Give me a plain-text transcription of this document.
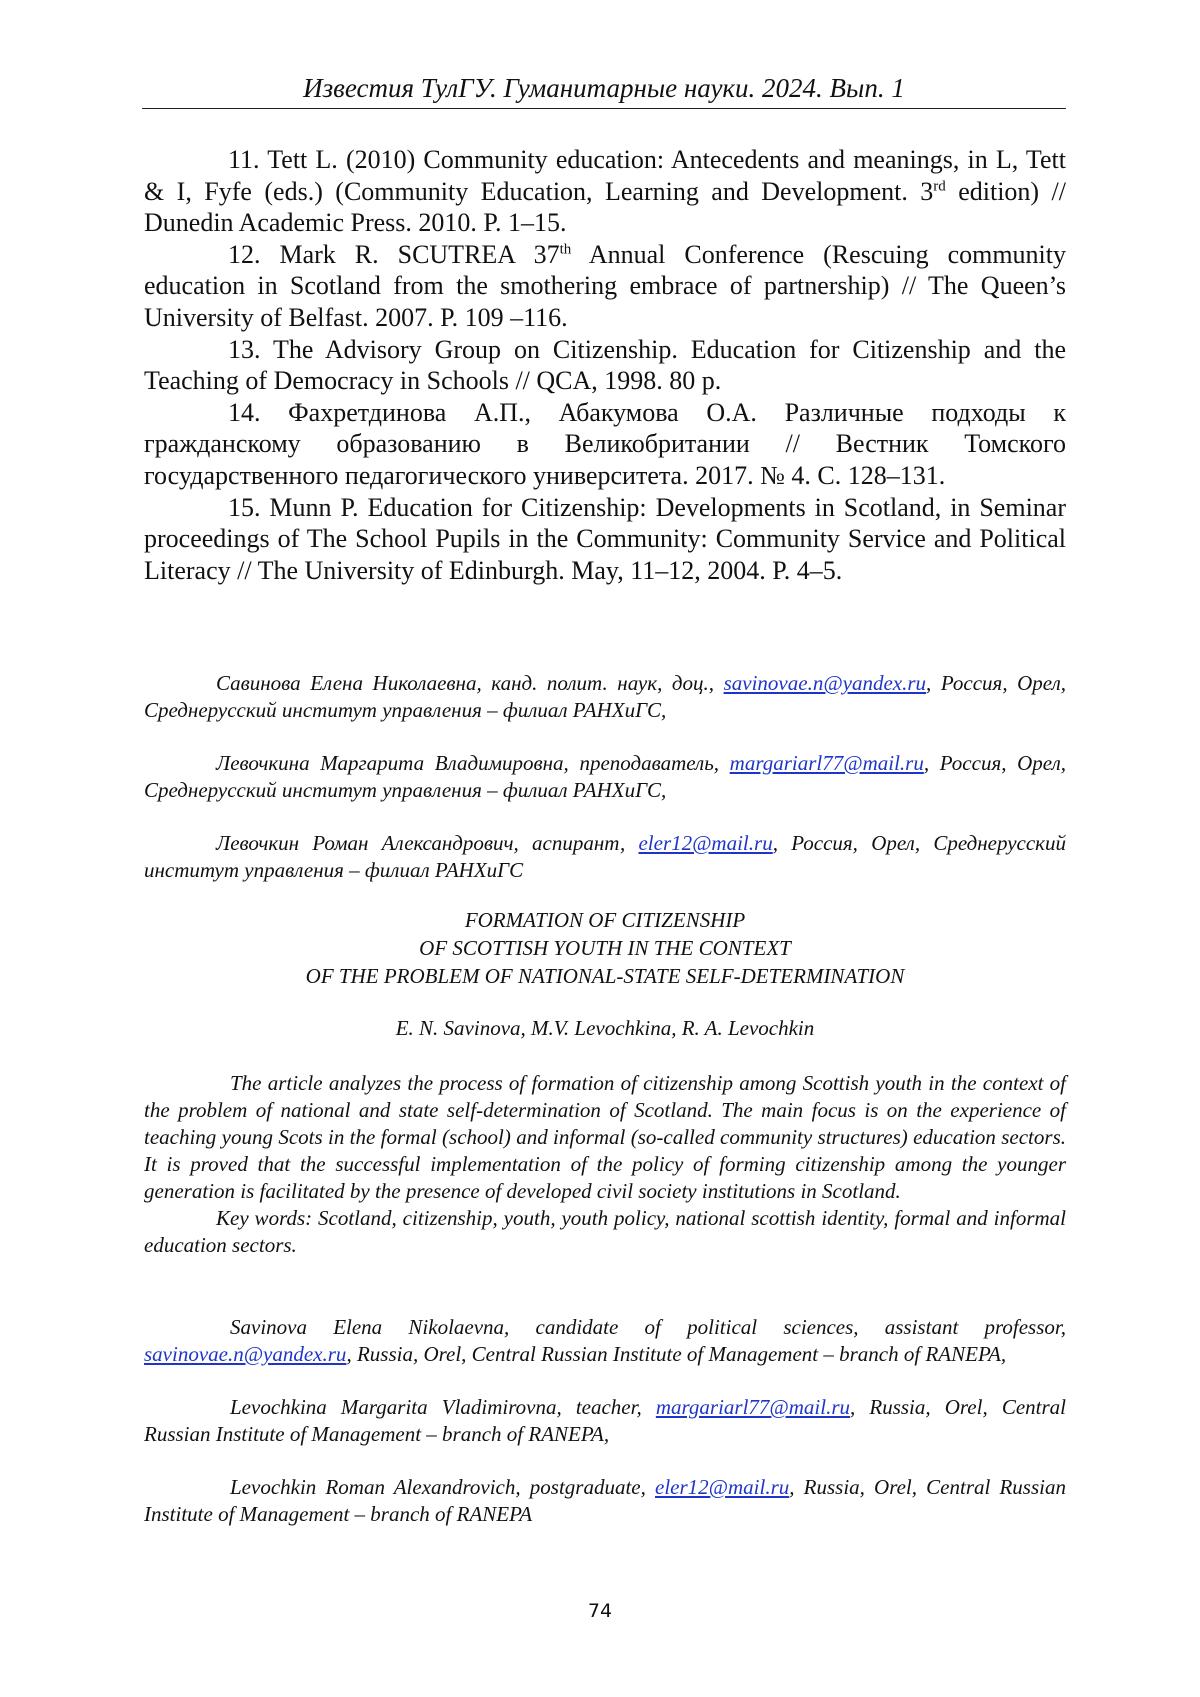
Известия ТулГУ. Гуманитарные науки. 2024. Вып. 1

11. Tett L. (2010) Community education: Antecedents and meanings, in L, Tett & I, Fyfe (eds.) (Community Education, Learning and Development. 3rd edition) // Dunedin Academic Press. 2010. P. 1–15.

12. Mark R. SCUTREA 37th Annual Conference (Rescuing community education in Scotland from the smothering embrace of partnership) // The Queen’s University of Belfast. 2007. P. 109 –116.

13. The Advisory Group on Citizenship. Education for Citizenship and the Teaching of Democracy in Schools // QCA, 1998. 80 p.

14. Фахретдинова А.П., Абакумова О.А. Различные подходы к гражданскому образованию в Великобритании // Вестник Томского государственного педагогического университета. 2017. № 4. С. 128–131.

15. Munn P. Education for Citizenship: Developments in Scotland, in Seminar proceedings of The School Pupils in the Community: Community Service and Political Literacy // The University of Edinburgh. May, 11–12, 2004. P. 4–5.

Савинова Елена Николаевна, канд. полит. наук, доц., savinovae.n@yandex.ru, Россия, Орел, Среднерусский институт управления – филиал РАНХиГС,

Левочкина Маргарита Владимировна, преподаватель, margariarl77@mail.ru, Россия, Орел, Среднерусский институт управления – филиал РАНХиГС,

Левочкин Роман Александрович, аспирант, eler12@mail.ru, Россия, Орел, Среднерусский институт управления – филиал РАНХиГС

FORMATION OF CITIZENSHIP
OF SCOTTISH YOUTH IN THE CONTEXT
OF THE PROBLEM OF NATIONAL-STATE SELF-DETERMINATION
E. N. Savinova, M.V. Levochkina, R. A. Levochkin

The article analyzes the process of formation of citizenship among Scottish youth in the context of the problem of national and state self-determination of Scotland. The main focus is on the experience of teaching young Scots in the formal (school) and informal (so-called community structures) education sectors. It is proved that the successful implementation of the policy of forming citizenship among the younger generation is facilitated by the presence of developed civil society institutions in Scotland.

Key words: Scotland, citizenship, youth, youth policy, national scottish identity, formal and informal education sectors.

Savinova Elena Nikolaevna, candidate of political sciences, assistant professor, savinovae.n@yandex.ru, Russia, Orel, Central Russian Institute of Management – branch of RANEPA,

Levochkina Margarita Vladimirovna, teacher, margariarl77@mail.ru, Russia, Orel, Central Russian Institute of Management – branch of RANEPA,

Levochkin Roman Alexandrovich, postgraduate, eler12@mail.ru, Russia, Orel, Central Russian Institute of Management – branch of RANEPA

74
